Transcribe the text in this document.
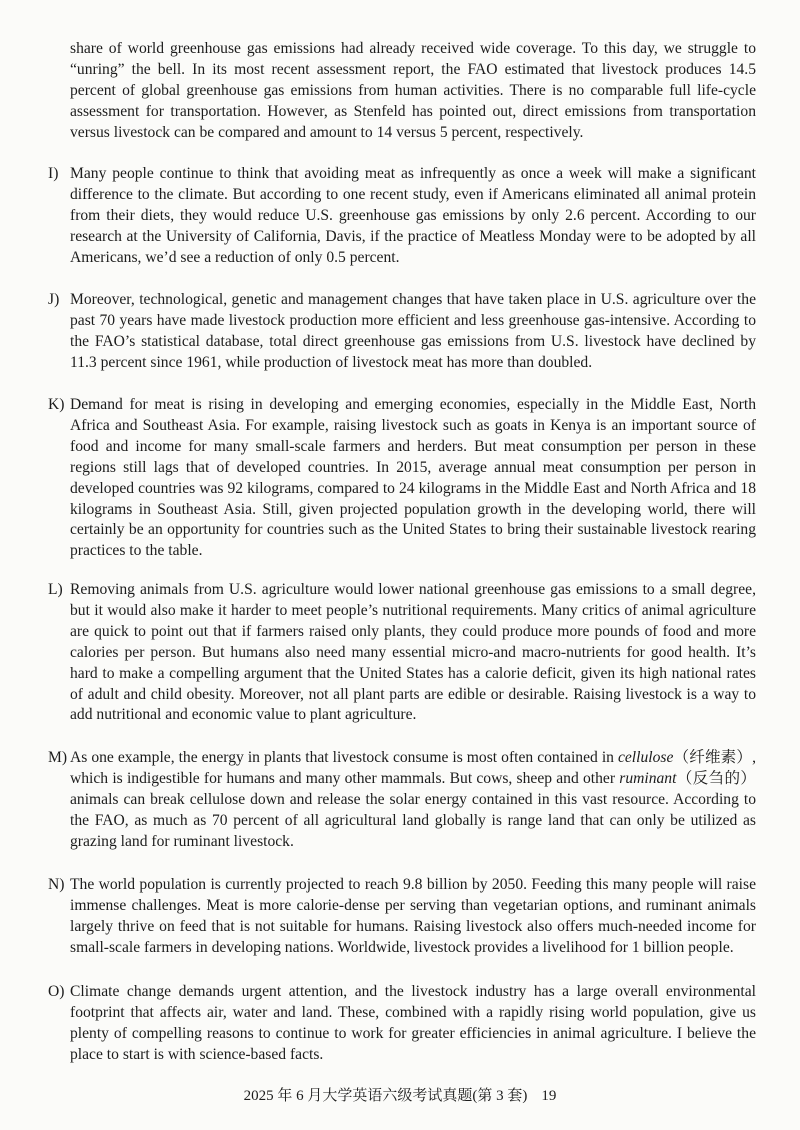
share of world greenhouse gas emissions had already received wide coverage. To this day, we struggle to “unring” the bell. In its most recent assessment report, the FAO estimated that livestock produces 14.5 percent of global greenhouse gas emissions from human activities. There is no comparable full life-cycle assessment for transportation. However, as Stenfeld has pointed out, direct emissions from transportation versus livestock can be compared and amount to 14 versus 5 percent, respectively.

I) Many people continue to think that avoiding meat as infrequently as once a week will make a significant difference to the climate. But according to one recent study, even if Americans eliminated all animal protein from their diets, they would reduce U.S. greenhouse gas emissions by only 2.6 percent. According to our research at the University of California, Davis, if the practice of Meatless Monday were to be adopted by all Americans, we’d see a reduction of only 0.5 percent.

J) Moreover, technological, genetic and management changes that have taken place in U.S. agriculture over the past 70 years have made livestock production more efficient and less greenhouse gas-intensive. According to the FAO’s statistical database, total direct greenhouse gas emissions from U.S. livestock have declined by 11.3 percent since 1961, while production of livestock meat has more than doubled.

K) Demand for meat is rising in developing and emerging economies, especially in the Middle East, North Africa and Southeast Asia. For example, raising livestock such as goats in Kenya is an important source of food and income for many small-scale farmers and herders. But meat consumption per person in these regions still lags that of developed countries. In 2015, average annual meat consumption per person in developed countries was 92 kilograms, compared to 24 kilograms in the Middle East and North Africa and 18 kilograms in Southeast Asia. Still, given projected population growth in the developing world, there will certainly be an opportunity for countries such as the United States to bring their sustainable livestock rearing practices to the table.

L) Removing animals from U.S. agriculture would lower national greenhouse gas emissions to a small degree, but it would also make it harder to meet people’s nutritional requirements. Many critics of animal agriculture are quick to point out that if farmers raised only plants, they could produce more pounds of food and more calories per person. But humans also need many essential micro-and macro-nutrients for good health. It’s hard to make a compelling argument that the United States has a calorie deficit, given its high national rates of adult and child obesity. Moreover, not all plant parts are edible or desirable. Raising livestock is a way to add nutritional and economic value to plant agriculture.

M) As one example, the energy in plants that livestock consume is most often contained in cellulose（纤维素）, which is indigestible for humans and many other mammals. But cows, sheep and other ruminant（反刍的） animals can break cellulose down and release the solar energy contained in this vast resource. According to the FAO, as much as 70 percent of all agricultural land globally is range land that can only be utilized as grazing land for ruminant livestock.

N) The world population is currently projected to reach 9.8 billion by 2050. Feeding this many people will raise immense challenges. Meat is more calorie-dense per serving than vegetarian options, and ruminant animals largely thrive on feed that is not suitable for humans. Raising livestock also offers much-needed income for small-scale farmers in developing nations. Worldwide, livestock provides a livelihood for 1 billion people.

O) Climate change demands urgent attention, and the livestock industry has a large overall environmental footprint that affects air, water and land. These, combined with a rapidly rising world population, give us plenty of compelling reasons to continue to work for greater efficiencies in animal agriculture. I believe the place to start is with science-based facts.

2025 年 6 月大学英语六级考试真题(第 3 套) 19
